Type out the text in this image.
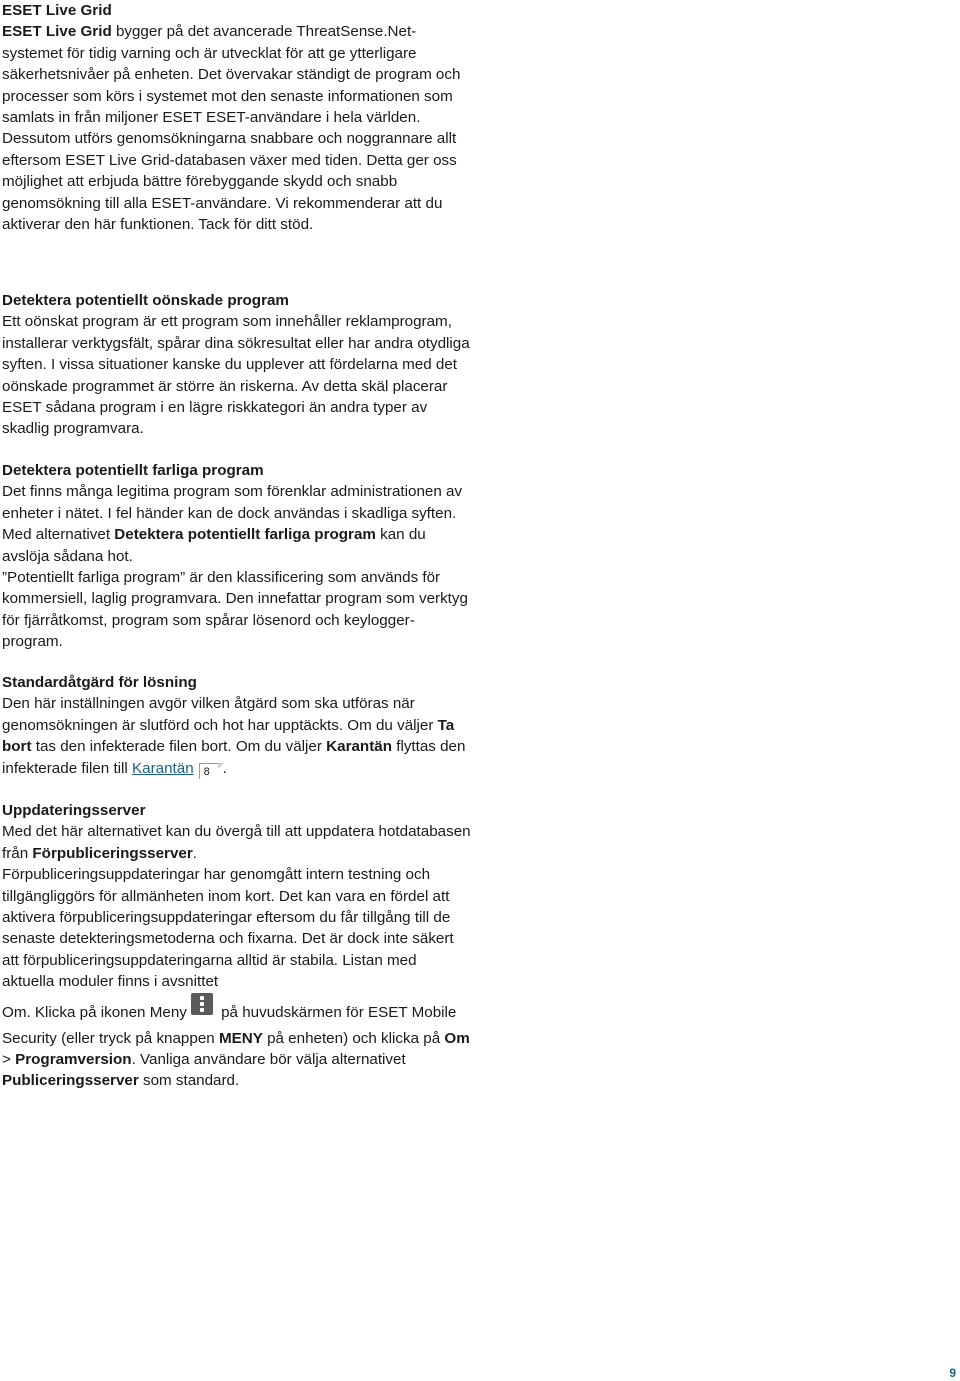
ESET Live Grid

ESET Live Grid bygger på det avancerade ThreatSense.Net-systemet för tidig varning och är utvecklat för att ge ytterligare säkerhetsnivåer på enheten. Det övervakar ständigt de program och processer som körs i systemet mot den senaste informationen som samlats in från miljoner ESET ESET-användare i hela världen. Dessutom utförs genomsökningarna snabbare och noggrannare allt eftersom ESET Live Grid-databasen växer med tiden. Detta ger oss möjlighet att erbjuda bättre förebyggande skydd och snabb genomsökning till alla ESET-användare. Vi rekommenderar att du aktiverar den här funktionen. Tack för ditt stöd.

Detektera potentiellt oönskade program

Ett oönskat program är ett program som innehåller reklamprogram, installerar verktygsfält, spårar dina sökresultat eller har andra otydliga syften. I vissa situationer kanske du upplever att fördelarna med det oönskade programmet är större än riskerna. Av detta skäl placerar ESET sådana program i en lägre riskkategori än andra typer av skadlig programvara.

Detektera potentiellt farliga program

Det finns många legitima program som förenklar administrationen av enheter i nätet. I fel händer kan de dock användas i skadliga syften. Med alternativet Detektera potentiellt farliga program kan du avslöja sådana hot.

”Potentiellt farliga program” är den klassificering som används för kommersiell, laglig programvara. Den innefattar program som verktyg för fjärråtkomst, program som spårar lösenord och keylogger-program.

Standardåtgärd för lösning

Den här inställningen avgör vilken åtgärd som ska utföras när genomsökningen är slutförd och hot har upptäckts. Om du väljer Ta bort tas den infekterade filen bort. Om du väljer Karantän flyttas den infekterade filen till Karantän 8 .

Uppdateringsserver

Med det här alternativet kan du övergå till att uppdatera hotdatabasen från Förpubliceringsserver.

Förpubliceringsuppdateringar har genomgått intern testning och tillgängliggörs för allmänheten inom kort. Det kan vara en fördel att aktivera förpubliceringsuppdateringar eftersom du får tillgång till de senaste detekteringsmetoderna och fixarna. Det är dock inte säkert att förpubliceringsuppdateringarna alltid är stabila. Listan med aktuella moduler finns i avsnittet

Om. Klicka på ikonen Meny
på huvudskärmen för ESET Mobile Security (eller tryck på knappen MENY på enheten) och klicka på Om > Programversion. Vanliga användare bör välja alternativet Publiceringsserver som standard.

9
